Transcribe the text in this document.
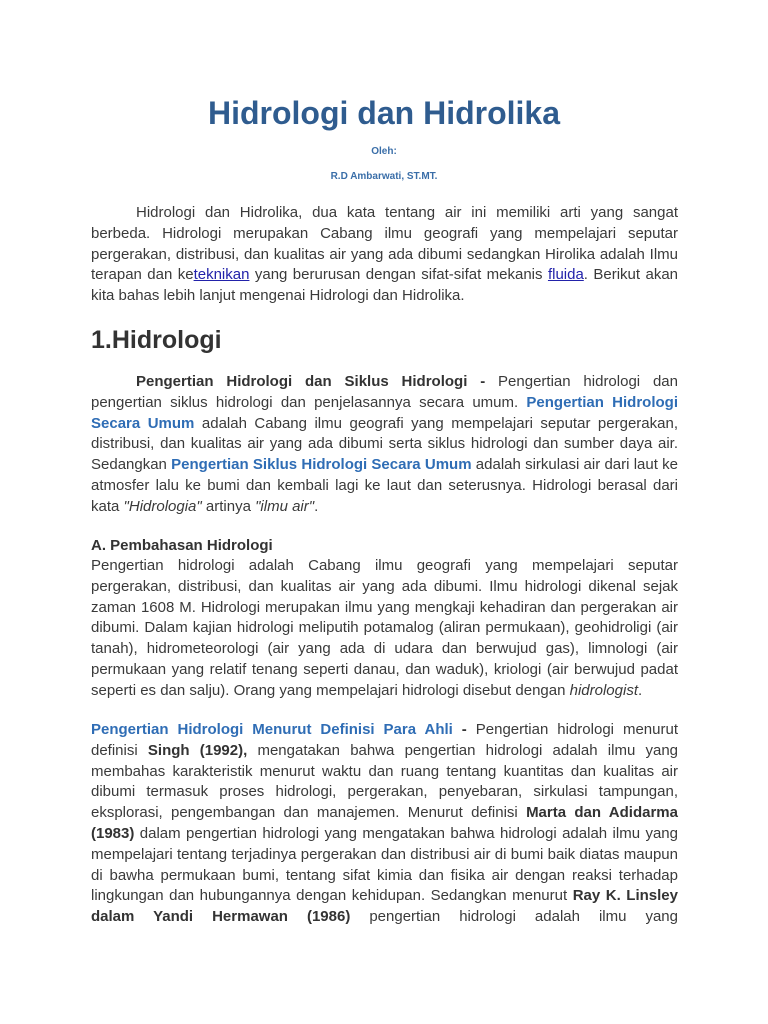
Hidrologi dan Hidrolika
Oleh:
R.D Ambarwati, ST.MT.

Hidrologi dan Hidrolika, dua kata tentang air ini memiliki arti yang sangat berbeda. Hidrologi merupakan Cabang ilmu geografi yang mempelajari seputar pergerakan, distribusi, dan kualitas air yang ada dibumi sedangkan Hirolika adalah Ilmu terapan dan keteknikan yang berurusan dengan sifat-sifat mekanis fluida. Berikut akan kita bahas lebih lanjut mengenai Hidrologi dan Hidrolika.

1.Hidrologi

Pengertian Hidrologi dan Siklus Hidrologi - Pengertian hidrologi dan pengertian siklus hidrologi dan penjelasannya secara umum. Pengertian Hidrologi Secara Umum adalah Cabang ilmu geografi yang mempelajari seputar pergerakan, distribusi, dan kualitas air yang ada dibumi serta siklus hidrologi dan sumber daya air. Sedangkan Pengertian Siklus Hidrologi Secara Umum adalah sirkulasi air dari laut ke atmosfer lalu ke bumi dan kembali lagi ke laut dan seterusnya. Hidrologi berasal dari kata "Hidrologia" artinya "ilmu air".

A. Pembahasan Hidrologi

Pengertian hidrologi adalah Cabang ilmu geografi yang mempelajari seputar pergerakan, distribusi, dan kualitas air yang ada dibumi. Ilmu hidrologi dikenal sejak zaman 1608 M. Hidrologi merupakan ilmu yang mengkaji kehadiran dan pergerakan air dibumi. Dalam kajian hidrologi meliputih potamalog (aliran permukaan), geohidroligi (air tanah), hidrometeorologi (air yang ada di udara dan berwujud gas), limnologi (air permukaan yang relatif tenang seperti danau, dan waduk), kriologi (air berwujud padat seperti es dan salju). Orang yang mempelajari hidrologi disebut dengan hidrologist.

Pengertian Hidrologi Menurut Definisi Para Ahli - Pengertian hidrologi menurut definisi Singh (1992), mengatakan bahwa pengertian hidrologi adalah ilmu yang membahas karakteristik menurut waktu dan ruang tentang kuantitas dan kualitas air dibumi termasuk proses hidrologi, pergerakan, penyebaran, sirkulasi tampungan, eksplorasi, pengembangan dan manajemen. Menurut definisi Marta dan Adidarma (1983) dalam pengertian hidrologi yang mengatakan bahwa hidrologi adalah ilmu yang mempelajari tentang terjadinya pergerakan dan distribusi air di bumi baik diatas maupun di bawha permukaan bumi, tentang sifat kimia dan fisika air dengan reaksi terhadap lingkungan dan hubungannya dengan kehidupan. Sedangkan menurut Ray K. Linsley dalam Yandi Hermawan (1986) pengertian hidrologi adalah ilmu yang
